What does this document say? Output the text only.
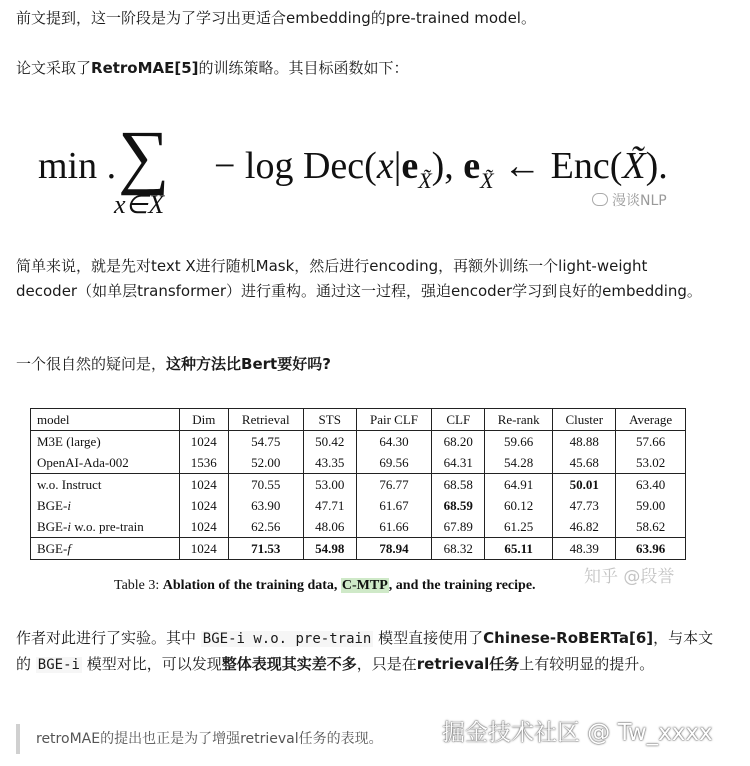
前文提到，这一阶段是为了学习出更适合embedding的pre-trained model。
论文采取了RetroMAE[5]的训练策略。其目标函数如下：
min . ∑
x∈X
− $\log Dec(x|e_{X̃})$, $e_{X̃}$ ← Enc(X̃).
漫谈NLP
简单来说，就是先对text X进行随机Mask，然后进行encoding，再额外训练一个light-weight decoder（如单层transformer）进行重构。通过这一过程，强迫encoder学习到良好的embedding。
一个很自然的疑问是，这种方法比Bert要好吗?
model	Dim	Retrieval	STS	Pair CLF	CLF	Re-rank	Cluster	Average
M3E (large)	1024	54.75	50.42	64.30	68.20	59.66	48.88	57.66
OpenAI-Ada-002	1536	52.00	43.35	69.56	64.31	54.28	45.68	53.02
w.o. Instruct	1024	70.55	53.00	76.77	68.58	64.91	50.01	63.40
BGE-i	1024	63.90	47.71	61.67	68.59	60.12	47.73	59.00
BGE-i w.o. pre-train	1024	62.56	48.06	61.66	67.89	61.25	46.82	58.62
BGE-f	1024	71.53	54.98	78.94	68.32	65.11	48.39	63.96
Table 3: Ablation of the training data, C-MTP, and the training recipe.	知乎 @段誉
作者对此进行了实验。其中 BGE-i w.o. pre-train 模型直接使用了Chinese-RoBERTa[6]，与本文的 BGE-i 模型对比，可以发现整体表现其实差不多，只是在retrieval任务上有较明显的提升。
retroMAE的提出也正是为了增强retrieval任务的表现。	掘金技术社区 @ Tw_xxxx
